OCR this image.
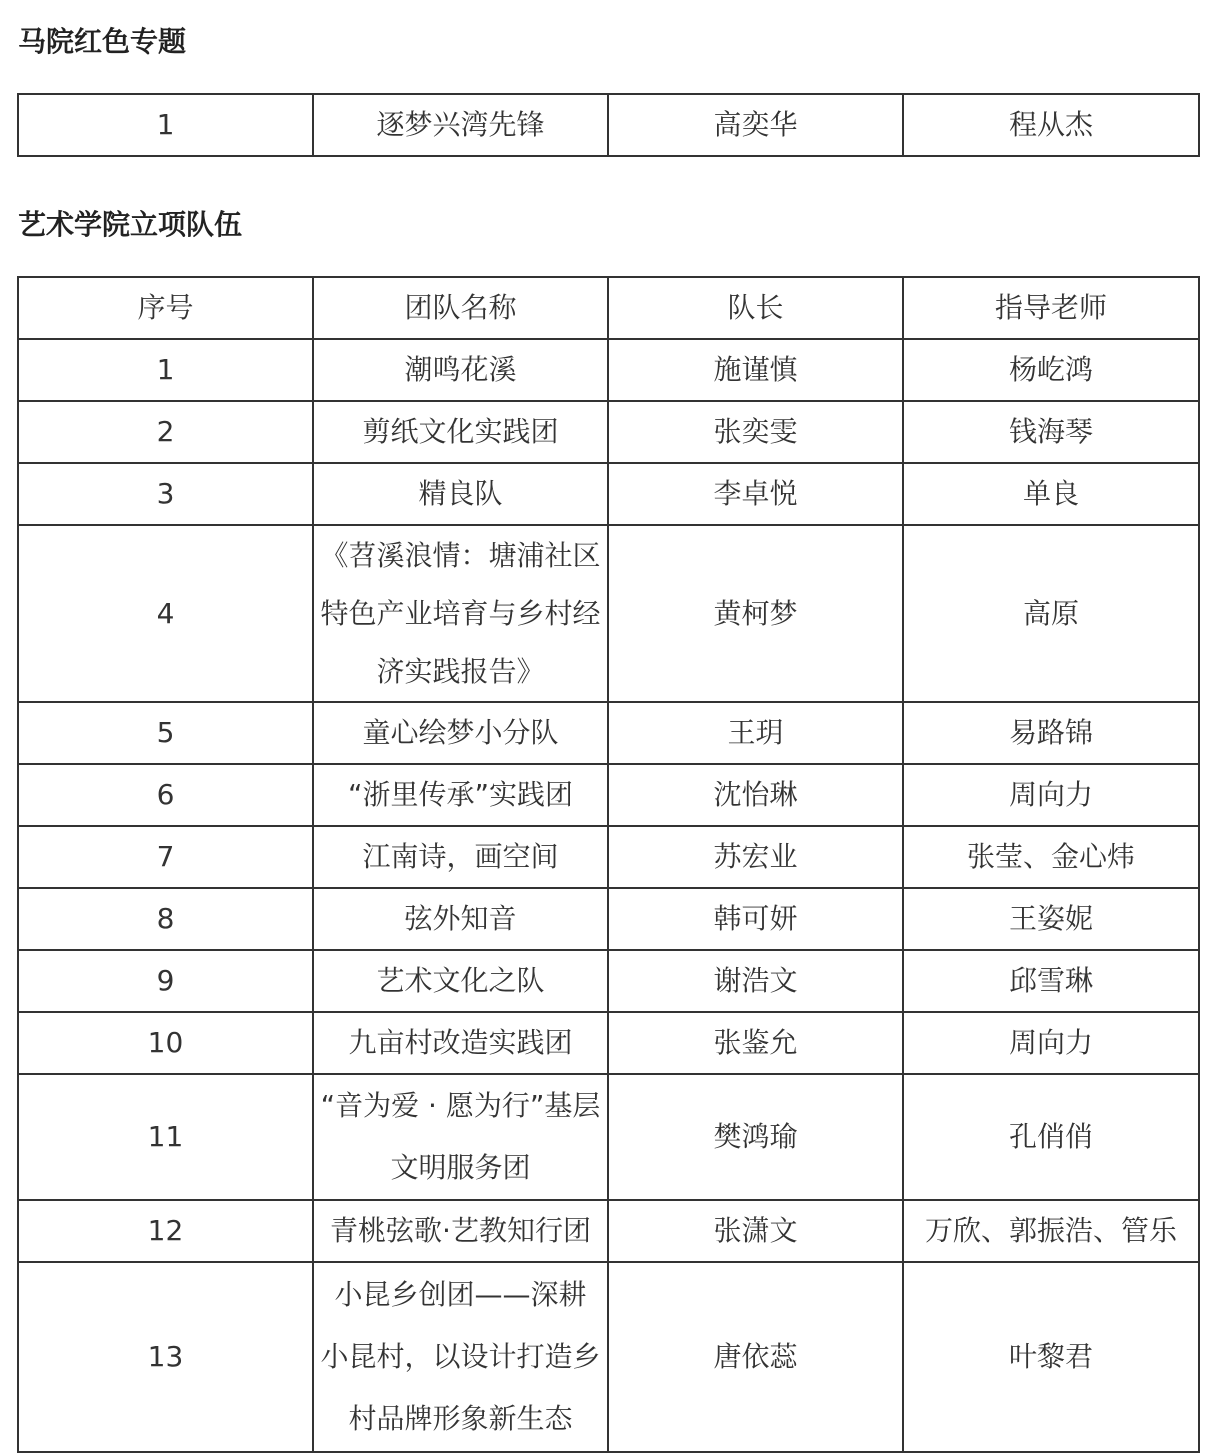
马院红色专题
1	逐梦兴湾先锋	高奕华	程从杰
艺术学院立项队伍
序号	团队名称	队长	指导老师
1	潮鸣花溪	施谨慎	杨屹鸿
2	剪纸文化实践团	张奕雯	钱海琴
3	精良队	李卓悦	单良
4	《苕溪浪情：塘浦社区
特色产业培育与乡村经
济实践报告》	黄柯梦	高原
5	童心绘梦小分队	王玥	易路锦
6	“浙里传承”实践团	沈怡琳	周向力
7	江南诗，画空间	苏宏业	张莹、金心炜
8	弦外知音	韩可妍	王姿妮
9	艺术文化之队	谢浩文	邱雪琳
10	九亩村改造实践团	张鉴允	周向力
11	“音为爱 · 愿为行”基层
文明服务团	樊鸿瑜	孔俏俏
12	青桃弦歌·艺教知行团	张潇文	万欣、郭振浩、管乐
13	小昆乡创团——深耕
小昆村，以设计打造乡
村品牌形象新生态	唐依蕊	叶黎君
